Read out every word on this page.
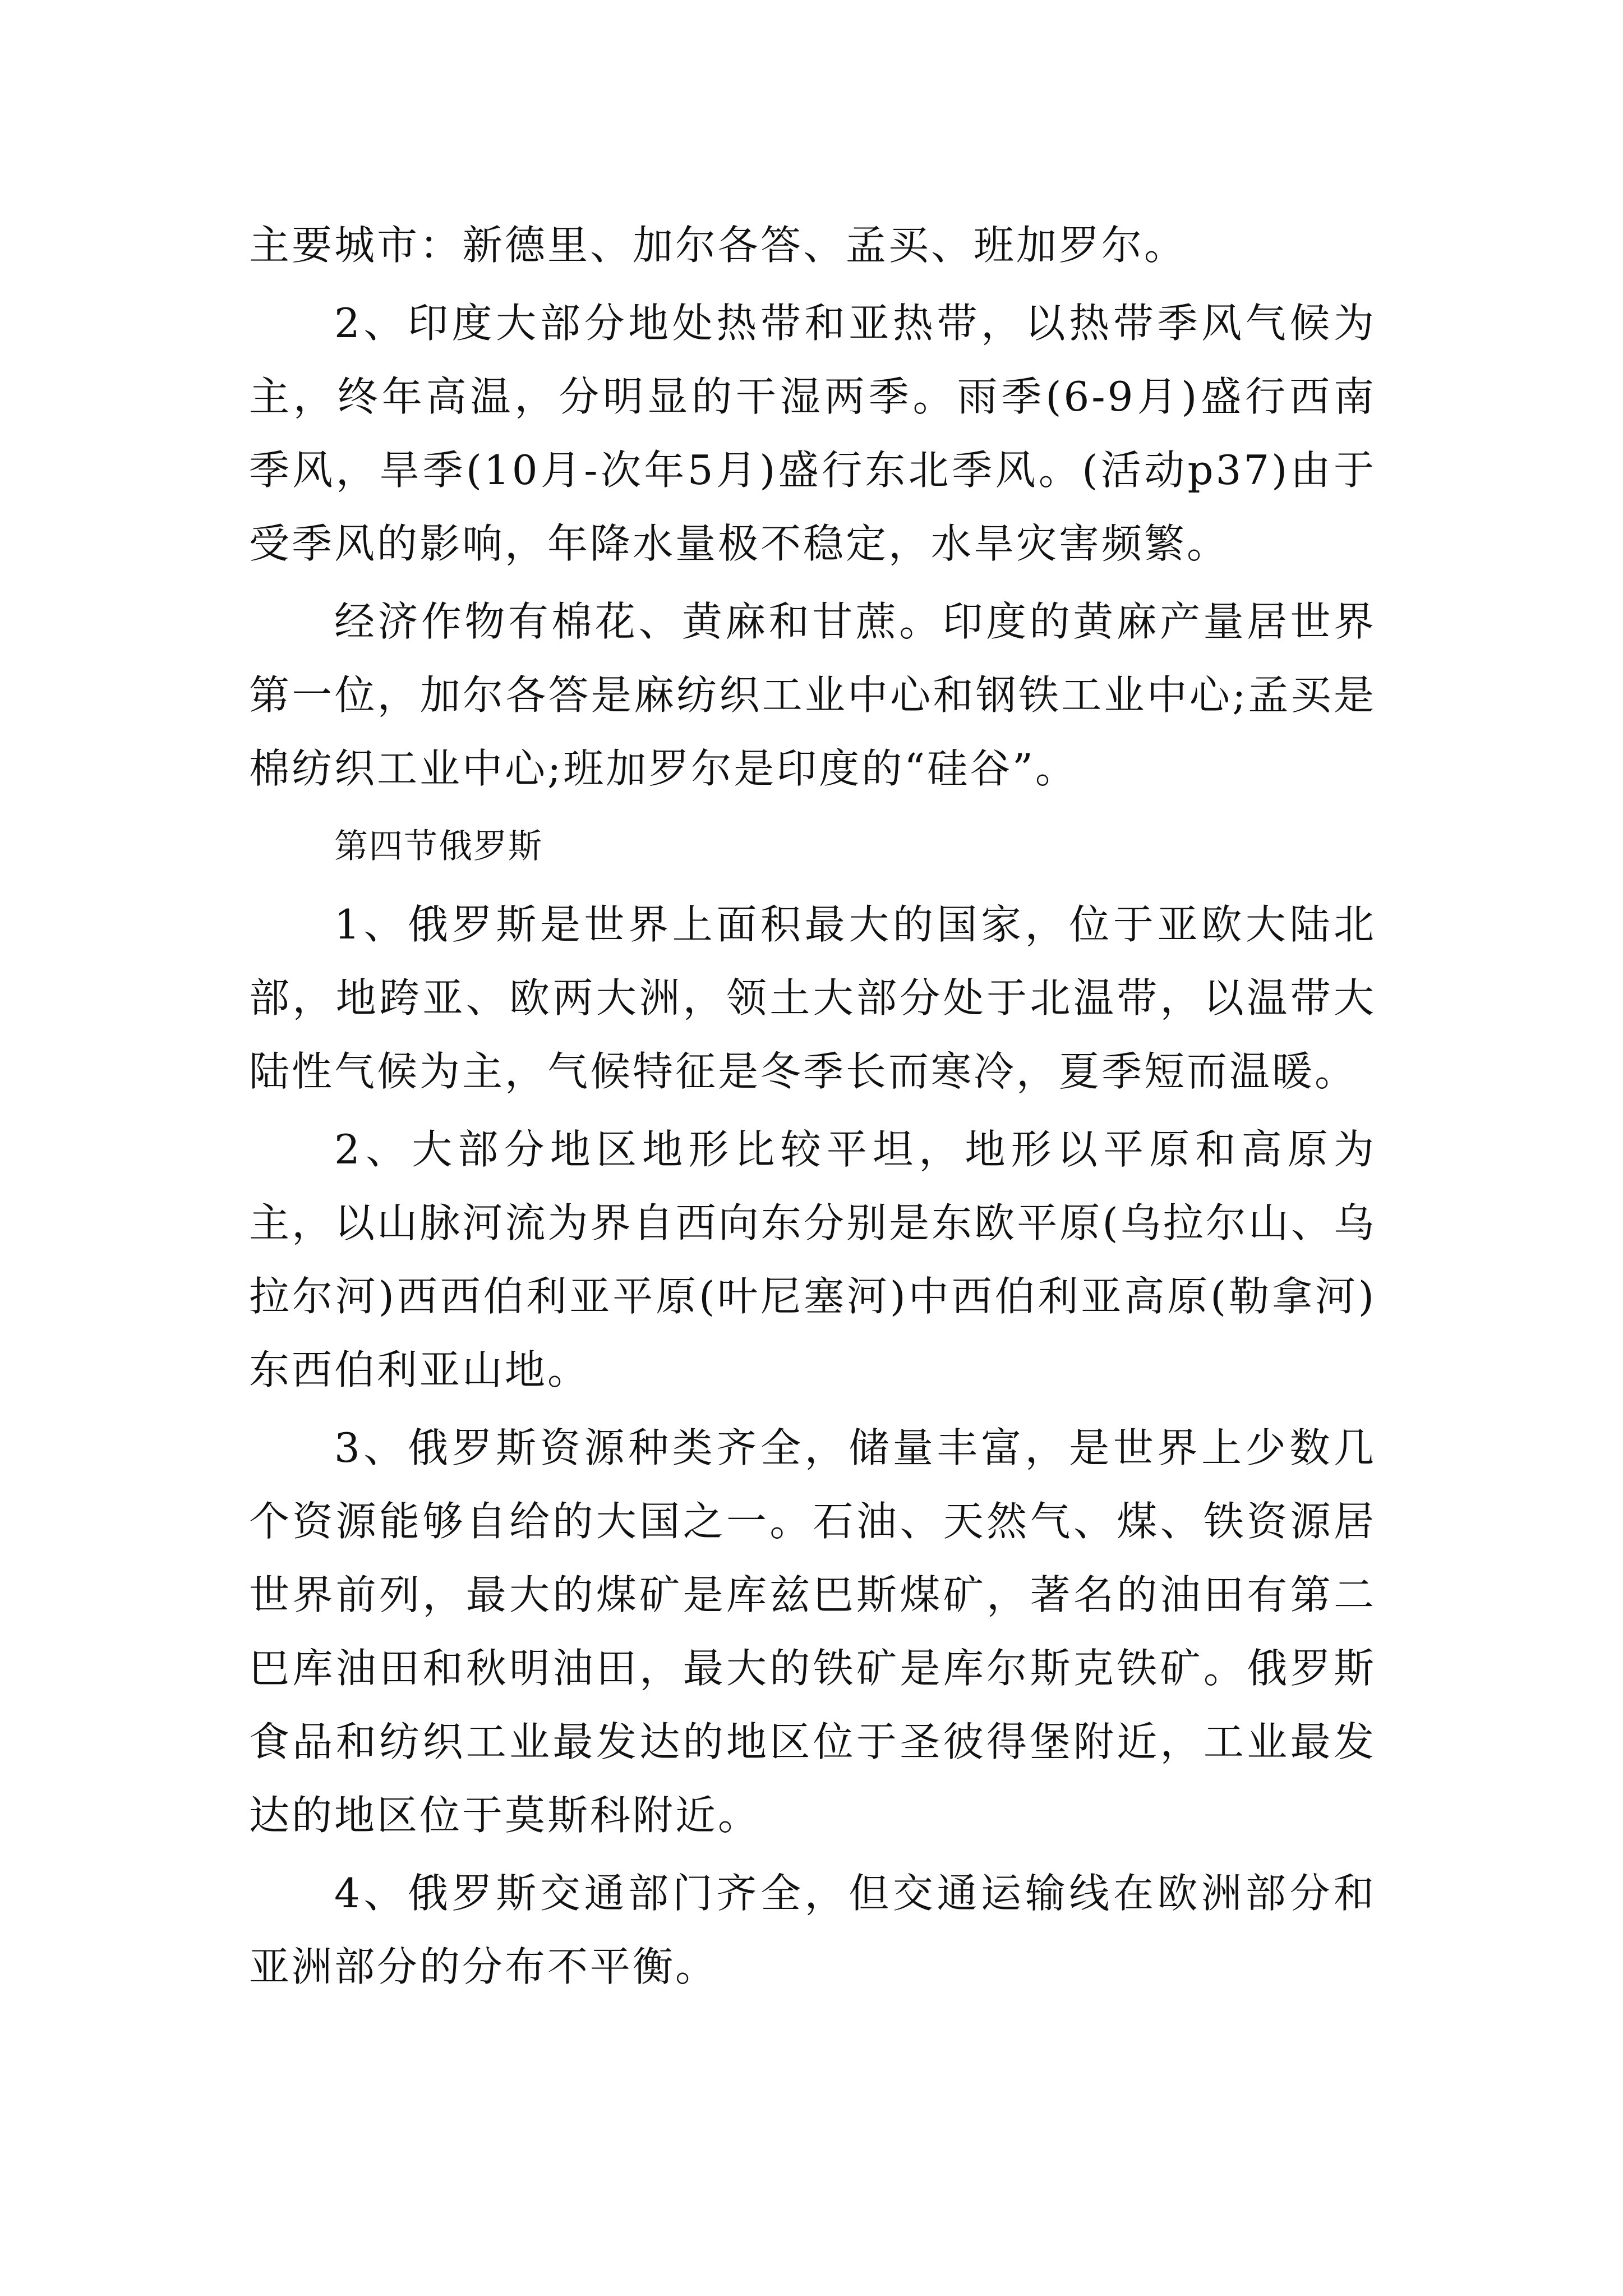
主要城市：新德里、加尔各答、孟买、班加罗尔。

2、印度大部分地处热带和亚热带，以热带季风气候为主，终年高温，分明显的干湿两季。雨季(6-9月)盛行西南季风，旱季(10月-次年5月)盛行东北季风。(活动p37)由于受季风的影响，年降水量极不稳定，水旱灾害频繁。

经济作物有棉花、黄麻和甘蔗。印度的黄麻产量居世界第一位，加尔各答是麻纺织工业中心和钢铁工业中心;孟买是棉纺织工业中心;班加罗尔是印度的“硅谷”。

第四节俄罗斯

1、俄罗斯是世界上面积最大的国家，位于亚欧大陆北部，地跨亚、欧两大洲，领土大部分处于北温带，以温带大陆性气候为主，气候特征是冬季长而寒冷，夏季短而温暖。

2、大部分地区地形比较平坦，地形以平原和高原为主，以山脉河流为界自西向东分别是东欧平原(乌拉尔山、乌拉尔河)西西伯利亚平原(叶尼塞河)中西伯利亚高原(勒拿河)东西伯利亚山地。

3、俄罗斯资源种类齐全，储量丰富，是世界上少数几个资源能够自给的大国之一。石油、天然气、煤、铁资源居世界前列，最大的煤矿是库兹巴斯煤矿，著名的油田有第二巴库油田和秋明油田，最大的铁矿是库尔斯克铁矿。俄罗斯食品和纺织工业最发达的地区位于圣彼得堡附近，工业最发达的地区位于莫斯科附近。

4、俄罗斯交通部门齐全，但交通运输线在欧洲部分和亚洲部分的分布不平衡。
